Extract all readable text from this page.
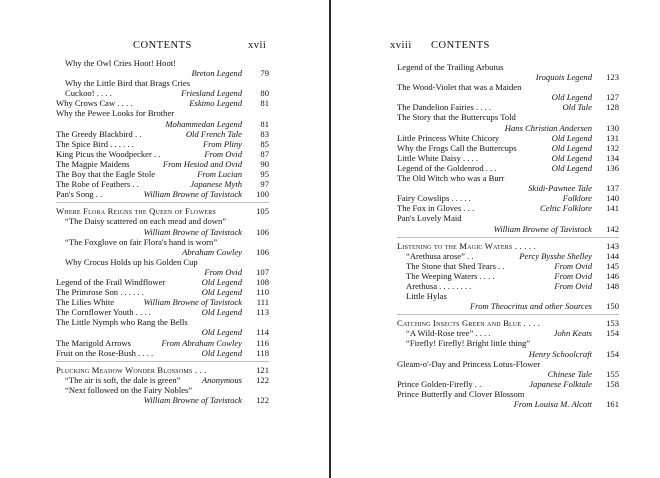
CONTENTS	xvii
Why the Owl Cries Hoot! Hoot!
Breton Legend	79
Why the Little Bird that Brags Cries
Cuckoo! . . . .	Friesland Legend	80
Why Crows Caw . . . .	Eskimo Legend	81
Why the Pewee Looks for Brother
Mohammedan Legend	81
The Greedy Blackbird . .	Old French Tale	83
The Spice Bird . . . . . .	From Pliny	85
King Picus the Woodpecker . .	From Ovid	87
The Magpie Maidens	From Hesiod and Ovid	90
The Boy that the Eagle Stole	From Lucian	95
The Robe of Feathers . .	Japanese Myth	97
Pan's Song . .	William Browne of Tavistock	100
Where Flora Reigns the Queen of Flowers	105
“The Daisy scattered on each mead and down”
William Browne of Tavistock	106
“The Foxglove on fair Flora's hand is worn”
Abraham Cowley	106
Why Crocus Holds up his Golden Cup
From Ovid	107
Legend of the Frail Windflower	Old Legend	108
The Primrose Son . . . . . .	Old Legend	110
The Lilies White	William Browne of Tavistock	111
The Cornflower Youth . . . .	Old Legend	113
The Little Nymph who Rang the Bells
Old Legend	114
The Marigold Arrows	From Abraham Cowley	116
Fruit on the Rose-Bush . . . .	Old Legend	118
Plucking Meadow Wonder Blossoms . . .	121
“The air is soft, the dale is green” Anonymous	122
“Next followed on the Fairy Nobles”
William Browne of Tavistock	122
xviii CONTENTS
Legend of the Trailing Arbutus
Iroquois Legend	123
The Wood-Violet that was a Maiden
Old Legend	127
The Dandelion Fairies . . . .	Old Tale	128
The Story that the Buttercups Told
Hans Christian Andersen	130
Little Princess White Chicory	Old Legend	131
Why the Frogs Call the Buttercups	Old Legend	132
Little White Daisy . . . .	Old Legend	134
Legend of the Goldenrod . . .	Old Legend	136
The Old Witch who was a Burr
Skidi-Pawnee Tale	137
Fairy Cowslips . . . . .	Folklore	140
The Fox in Gloves . . .	Celtic Folklore	141
Pan's Lovely Maid
William Browne of Tavistock	142
Listening to the Magic Waters . . . . .	143
“Arethusa arose” . .	Percy Bysshe Shelley	144
The Stone that Shed Tears . .	From Ovid	145
The Weeping Waters . . . .	From Ovid	146
Arethusa . . . . . . . .	From Ovid	148
Little Hylas
From Theocritus and other Sources	150
Catching Insects Green and Blue . . . .	153
“A Wild-Rose tree” . . . .	John Keats	154
“Firefly! Firefly! Bright little thing”
Henry Schoolcraft	154
Gleam-o'-Day and Princess Lotus-Flower
Chinese Tale	155
Prince Golden-Firefly . .	Japanese Folktale	158
Prince Butterfly and Clover Blossom
From Louisa M. Alcott	161
